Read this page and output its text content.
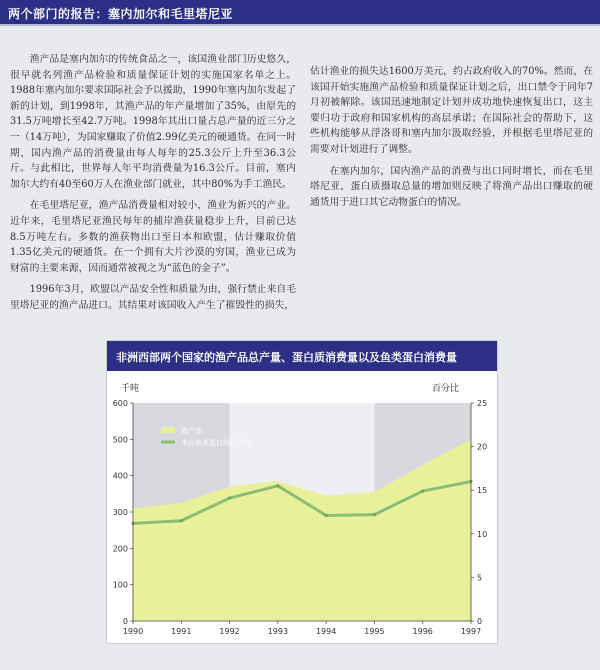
两个部门的报告：塞内加尔和毛里塔尼亚

渔产品是塞内加尔的传统食品之一，该国渔业部门历史悠久，很早就名列渔产品检验和质量保证计划的实施国家名单之上。1988年塞内加尔要求国际社会予以援助，1990年塞内加尔发起了新的计划，到1998年，其渔产品的年产量增加了35%，由原先的31.5万吨增长至42.7万吨。1998年其出口量占总产量的近三分之一（14万吨），为国家赚取了价值2.99亿美元的硬通货。在同一时期，国内渔产品的消费量由每人每年的25.3公斤上升至36.3公斤。与此相比，世界每人年平均消费量为16.3公斤。目前，塞内加尔大约有40至60万人在渔业部门就业，其中80%为手工渔民。

在毛里塔尼亚，渔产品消费量相对较小，渔业为新兴的产业。近年来，毛里塔尼亚渔民每年的捕岸渔获量稳步上升，目前已达8.5万吨左右。多数的渔获物出口至日本和欧盟，估计赚取价值1.35亿美元的硬通货。在一个拥有大片沙漠的穷国，渔业已成为财富的主要来源，因而通常被视之为“蓝色的金子”。

1996年3月，欧盟以产品安全性和质量为由，强行禁止来自毛里塔尼亚的渔产品进口。其结果对该国收入产生了摧毁性的损失，

估计渔业的损失达1600万美元，约占政府收入的70%。然而，在该国开始实施渔产品检验和质量保证计划之后，出口禁令于同年7月初被解除。该国迅速地制定计划并成功地快速恢复出口，这主要归功于政府和国家机构的高层承诺；在国际社会的帮助下，这些机构能够从浮洛哥和塞内加尔汲取经验，并根据毛里塔尼亚的需要对计划进行了调整。

在塞内加尔，国内渔产品的消费与出口同时增长，而在毛里塔尼亚，蛋白质摄取总量的增加则反映了将渔产品出口赚取的硬通货用于进口其它动物蛋白的情况。

非洲西部两个国家的渔产品总产量、蛋白质消费量以及鱼类蛋白消费量
千吨	百分比
0
100
200
300
400
500
600
0
5
10
15
20
25
1990	1991	1992	1993	1994	1995	1996	1997
渔产品
来自鱼类蛋白的百分比
